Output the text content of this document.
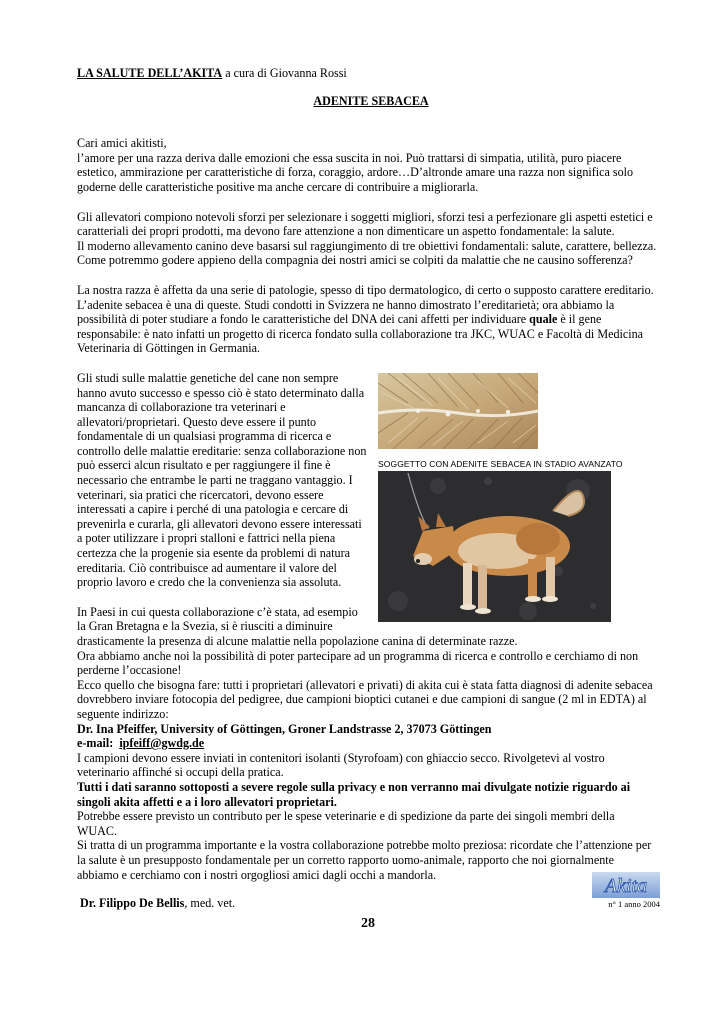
LA SALUTE DELL’AKITA a cura di Giovanna Rossi

ADENITE SEBACEA

Cari amici akitisti,

l’amore per una razza deriva dalle emozioni che essa suscita in noi. Può trattarsi di simpatia, utilità, puro piacere estetico, ammirazione per caratteristiche di forza, coraggio, ardore…D’altronde amare una razza non significa solo goderne delle caratteristiche positive ma anche cercare di contribuire a migliorarla.

Gli allevatori compiono notevoli sforzi per selezionare i soggetti migliori, sforzi tesi a perfezionare gli aspetti estetici e caratteriali dei propri prodotti, ma devono fare attenzione a non dimenticare un aspetto fondamentale: la salute.

Il moderno allevamento canino deve basarsi sul raggiungimento di tre obiettivi fondamentali: salute, carattere, bellezza. Come potremmo godere appieno della compagnia dei nostri amici se colpiti da malattie che ne causino sofferenza?

La nostra razza è affetta da una serie di patologie, spesso di tipo dermatologico, di certo o supposto carattere ereditario. L’adenite sebacea è una di queste. Studi condotti in Svizzera ne hanno dimostrato l’ereditarietà; ora abbiamo la possibilità di poter studiare a fondo le caratteristiche del DNA dei cani affetti per individuare quale è il gene responsabile: è nato infatti un progetto di ricerca fondato sulla collaborazione tra JKC, WUAC e Facoltà di Medicina Veterinaria di Göttingen in Germania.

Gli studi sulle malattie genetiche del cane non sempre hanno avuto successo e spesso ciò è stato determinato dalla mancanza di collaborazione tra veterinari e allevatori/proprietari. Questo deve essere il punto fondamentale di un qualsiasi programma di ricerca e controllo delle malattie ereditarie: senza collaborazione non può esserci alcun risultato e per raggiungere il fine è necessario che entrambe le parti ne traggano vantaggio. I veterinari, sia pratici che ricercatori, devono essere interessati a capire i perché di una patologia e cercare di prevenirla e curarla, gli allevatori devono essere interessati a poter utilizzare i propri stalloni e fattrici nella piena certezza che la progenie sia esente da problemi di natura ereditaria. Ciò contribuisce ad aumentare il valore del proprio lavoro e credo che la convenienza sia assoluta.

In Paesi in cui questa collaborazione c’è stata, ad esempio la Gran Bretagna e la Svezia, si è riusciti a diminuire

SOGGETTO CON ADENITE SEBACEA IN STADIO AVANZATO

drasticamente la presenza di alcune malattie nella popolazione canina di determinate razze.

Ora abbiamo anche noi la possibilità di poter partecipare ad un programma di ricerca e controllo e cerchiamo di non perderne l’occasione!

Ecco quello che bisogna fare: tutti i proprietari (allevatori e privati) di akita cui è stata fatta diagnosi di adenite sebacea dovrebbero inviare fotocopia del pedigree, due campioni bioptici cutanei e due campioni di sangue (2 ml in EDTA) al seguente indirizzo:

Dr. Ina Pfeiffer, University of Göttingen, Groner Landstrasse 2, 37073 Göttingen

e-mail: ipfeiff@gwdg.de

I campioni devono essere inviati in contenitori isolanti (Styrofoam) con ghiaccio secco. Rivolgetevi al vostro veterinario affinché si occupi della pratica.

Tutti i dati saranno sottoposti a severe regole sulla privacy e non verranno mai divulgate notizie riguardo ai singoli akita affetti e a i loro allevatori proprietari.

Potrebbe essere previsto un contributo per le spese veterinarie e di spedizione da parte dei singoli membri della WUAC.

Si tratta di un programma importante e la vostra collaborazione potrebbe molto preziosa: ricordate che l’attenzione per la salute è un presupposto fondamentale per un corretto rapporto uomo-animale, rapporto che noi giornalmente abbiamo e cerchiamo con i nostri orgogliosi amici dagli occhi a mandorla.

Dr. Filippo De Bellis, med. vet.
Akita
n° 1 anno 2004
28
